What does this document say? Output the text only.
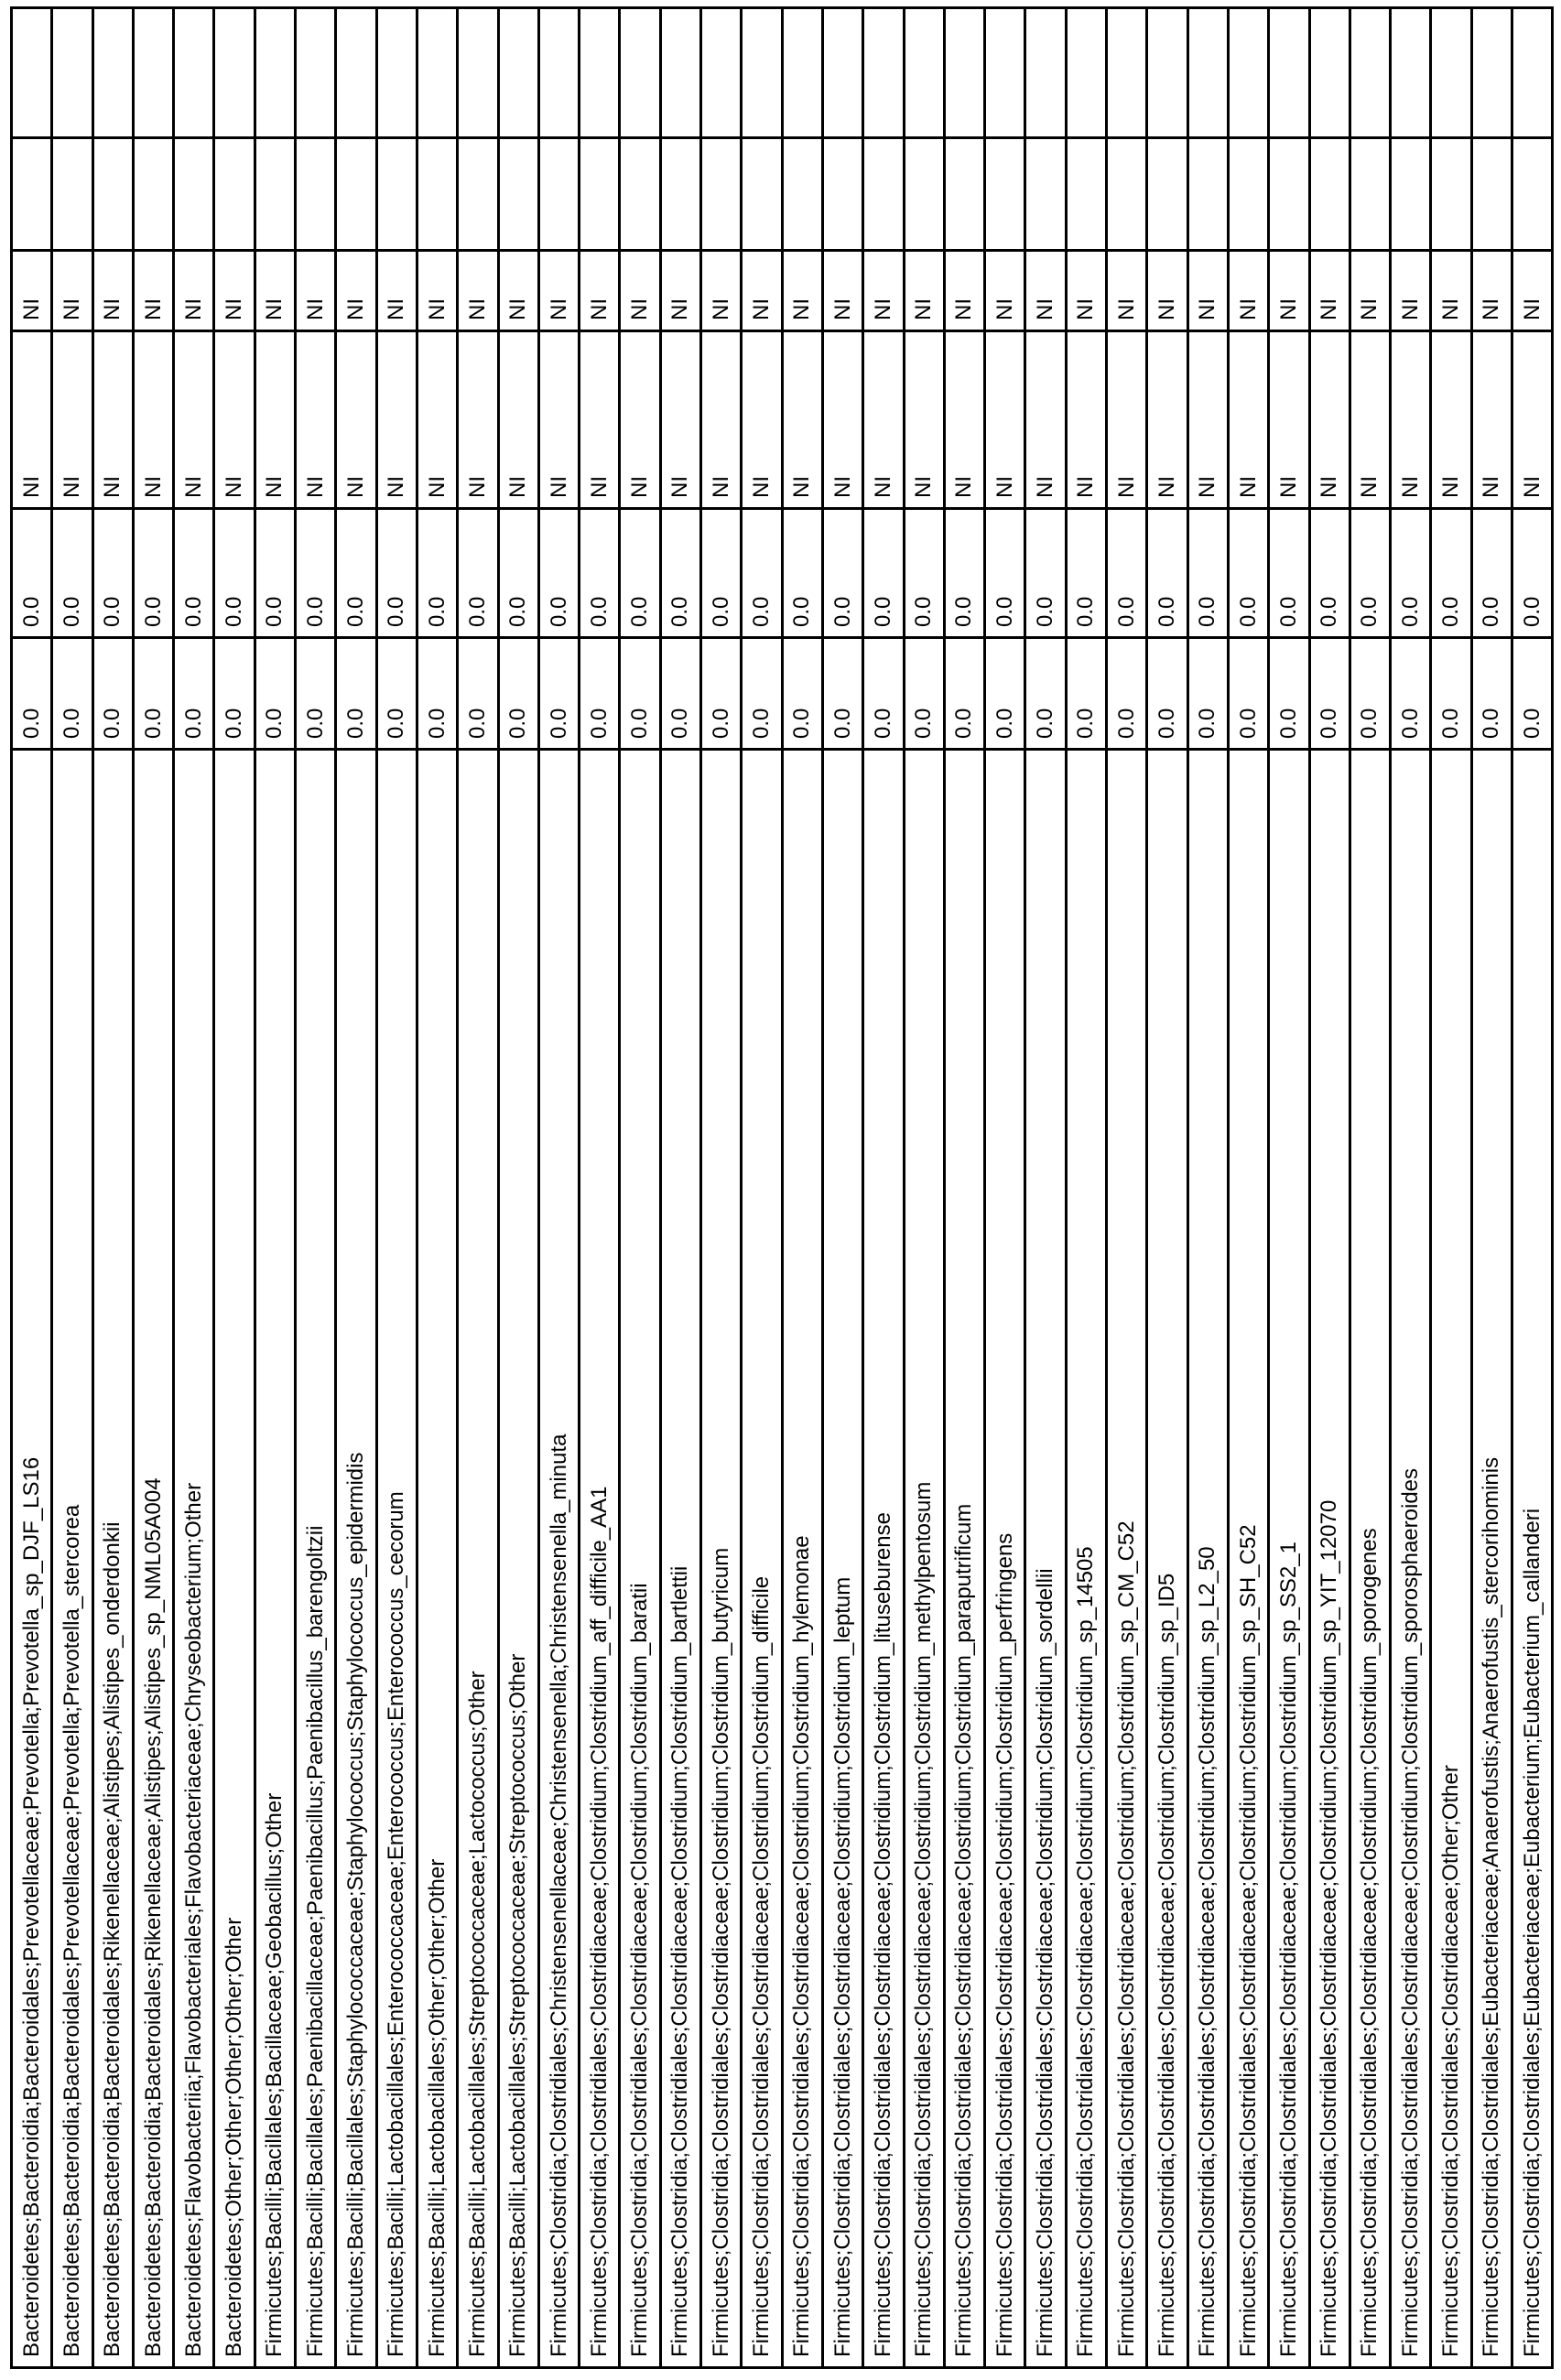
Bacteroidetes;Bacteroidia;Bacteroidales;Prevotellaceae;Prevotella;Prevotella_sp_DJF_LS16	0.0	0.0	NI	NI		
Bacteroidetes;Bacteroidia;Bacteroidales;Prevotellaceae;Prevotella;Prevotella_stercorea	0.0	0.0	NI	NI		
Bacteroidetes;Bacteroidia;Bacteroidales;Rikenellaceae;Alistipes;Alistipes_onderdonkii	0.0	0.0	NI	NI		
Bacteroidetes;Bacteroidia;Bacteroidales;Rikenellaceae;Alistipes;Alistipes_sp_NML05A004	0.0	0.0	NI	NI		
Bacteroidetes;Flavobacteriia;Flavobacteriales;Flavobacteriaceae;Chryseobacterium;Other	0.0	0.0	NI	NI		
Bacteroidetes;Other;Other;Other;Other;Other	0.0	0.0	NI	NI		
Firmicutes;Bacilli;Bacillales;Bacillaceae;Geobacillus;Other	0.0	0.0	NI	NI		
Firmicutes;Bacilli;Bacillales;Paenibacillaceae;Paenibacillus;Paenibacillus_barengoltzii	0.0	0.0	NI	NI		
Firmicutes;Bacilli;Bacillales;Staphylococcaceae;Staphylococcus;Staphylococcus_epidermidis	0.0	0.0	NI	NI		
Firmicutes;Bacilli;Lactobacillales;Enterococcaceae;Enterococcus;Enterococcus_cecorum	0.0	0.0	NI	NI		
Firmicutes;Bacilli;Lactobacillales;Other;Other;Other	0.0	0.0	NI	NI		
Firmicutes;Bacilli;Lactobacillales;Streptococcaceae;Lactococcus;Other	0.0	0.0	NI	NI		
Firmicutes;Bacilli;Lactobacillales;Streptococcaceae;Streptococcus;Other	0.0	0.0	NI	NI		
Firmicutes;Clostridia;Clostridiales;Christensenellaceae;Christensenella;Christensenella_minuta	0.0	0.0	NI	NI		
Firmicutes;Clostridia;Clostridiales;Clostridiaceae;Clostridium;Clostridium_aff_difficile_AA1	0.0	0.0	NI	NI		
Firmicutes;Clostridia;Clostridiales;Clostridiaceae;Clostridium;Clostridium_baratii	0.0	0.0	NI	NI		
Firmicutes;Clostridia;Clostridiales;Clostridiaceae;Clostridium;Clostridium_bartlettii	0.0	0.0	NI	NI		
Firmicutes;Clostridia;Clostridiales;Clostridiaceae;Clostridium;Clostridium_butyricum	0.0	0.0	NI	NI		
Firmicutes;Clostridia;Clostridiales;Clostridiaceae;Clostridium;Clostridium_difficile	0.0	0.0	NI	NI		
Firmicutes;Clostridia;Clostridiales;Clostridiaceae;Clostridium;Clostridium_hylemonae	0.0	0.0	NI	NI		
Firmicutes;Clostridia;Clostridiales;Clostridiaceae;Clostridium;Clostridium_leptum	0.0	0.0	NI	NI		
Firmicutes;Clostridia;Clostridiales;Clostridiaceae;Clostridium;Clostridium_lituseburense	0.0	0.0	NI	NI		
Firmicutes;Clostridia;Clostridiales;Clostridiaceae;Clostridium;Clostridium_methylpentosum	0.0	0.0	NI	NI		
Firmicutes;Clostridia;Clostridiales;Clostridiaceae;Clostridium;Clostridium_paraputrificum	0.0	0.0	NI	NI		
Firmicutes;Clostridia;Clostridiales;Clostridiaceae;Clostridium;Clostridium_perfringens	0.0	0.0	NI	NI		
Firmicutes;Clostridia;Clostridiales;Clostridiaceae;Clostridium;Clostridium_sordellii	0.0	0.0	NI	NI		
Firmicutes;Clostridia;Clostridiales;Clostridiaceae;Clostridium;Clostridium_sp_14505	0.0	0.0	NI	NI		
Firmicutes;Clostridia;Clostridiales;Clostridiaceae;Clostridium;Clostridium_sp_CM_C52	0.0	0.0	NI	NI		
Firmicutes;Clostridia;Clostridiales;Clostridiaceae;Clostridium;Clostridium_sp_ID5	0.0	0.0	NI	NI		
Firmicutes;Clostridia;Clostridiales;Clostridiaceae;Clostridium;Clostridium_sp_L2_50	0.0	0.0	NI	NI		
Firmicutes;Clostridia;Clostridiales;Clostridiaceae;Clostridium;Clostridium_sp_SH_C52	0.0	0.0	NI	NI		
Firmicutes;Clostridia;Clostridiales;Clostridiaceae;Clostridium;Clostridium_sp_SS2_1	0.0	0.0	NI	NI		
Firmicutes;Clostridia;Clostridiales;Clostridiaceae;Clostridium;Clostridium_sp_YIT_12070	0.0	0.0	NI	NI		
Firmicutes;Clostridia;Clostridiales;Clostridiaceae;Clostridium;Clostridium_sporogenes	0.0	0.0	NI	NI		
Firmicutes;Clostridia;Clostridiales;Clostridiaceae;Clostridium;Clostridium_sporosphaeroides	0.0	0.0	NI	NI		
Firmicutes;Clostridia;Clostridiales;Clostridiaceae;Other;Other	0.0	0.0	NI	NI		
Firmicutes;Clostridia;Clostridiales;Eubacteriaceae;Anaerofustis;Anaerofustis_stercorihominis	0.0	0.0	NI	NI		
Firmicutes;Clostridia;Clostridiales;Eubacteriaceae;Eubacterium;Eubacterium_callanderi	0.0	0.0	NI	NI		
